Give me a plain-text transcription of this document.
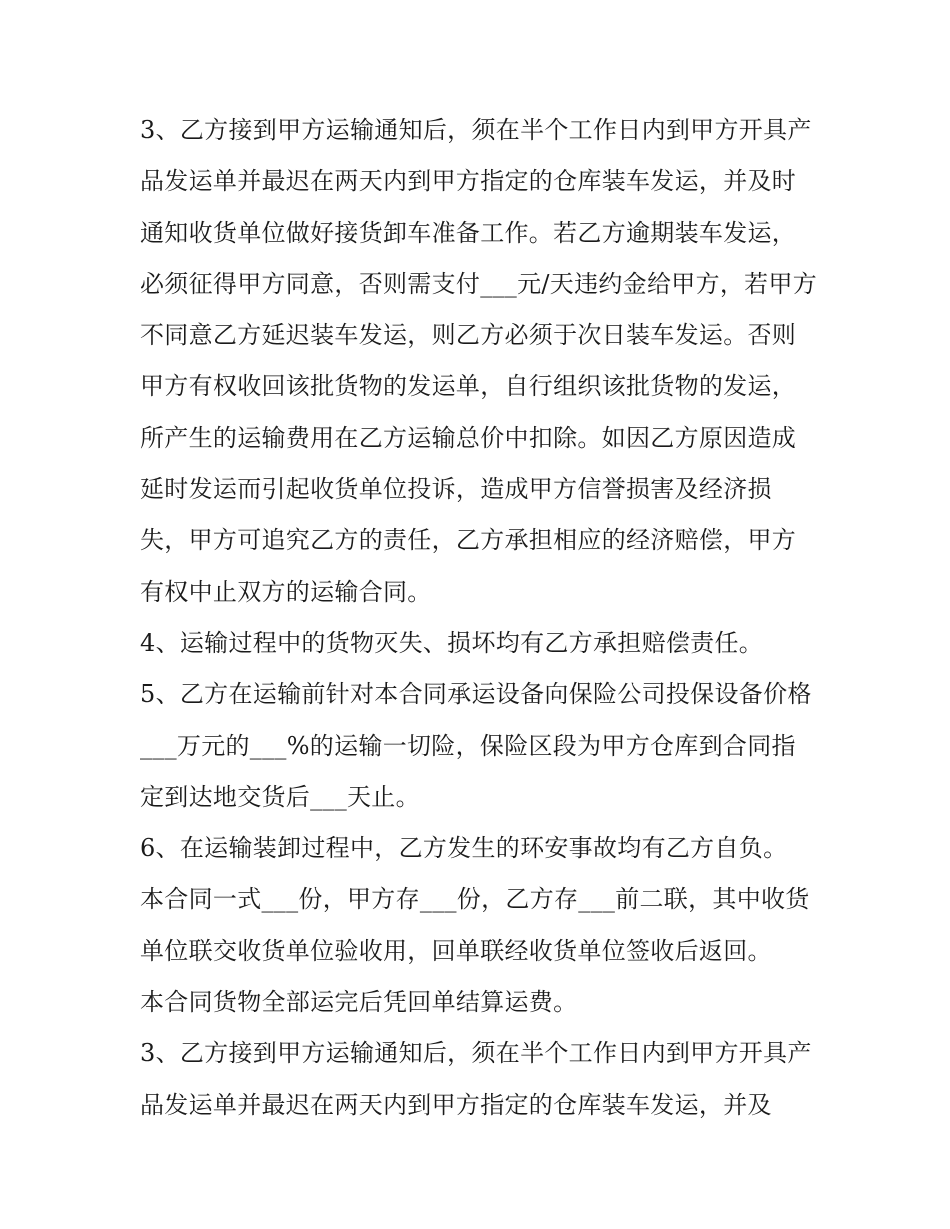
3、乙方接到甲方运输通知后，须在半个工作日内到甲方开具产品发运单并最迟在两天内到甲方指定的仓库装车发运，并及时通知收货单位做好接货卸车准备工作。若乙方逾期装车发运，必须征得甲方同意，否则需支付___元/天违约金给甲方，若甲方不同意乙方延迟装车发运，则乙方必须于次日装车发运。否则甲方有权收回该批货物的发运单，自行组织该批货物的发运，所产生的运输费用在乙方运输总价中扣除。如因乙方原因造成延时发运而引起收货单位投诉，造成甲方信誉损害及经济损失，甲方可追究乙方的责任，乙方承担相应的经济赔偿，甲方有权中止双方的运输合同。

4、运输过程中的货物灭失、损坏均有乙方承担赔偿责任。

5、乙方在运输前针对本合同承运设备向保险公司投保设备价格___万元的___%的运输一切险，保险区段为甲方仓库到合同指定到达地交货后___天止。

6、在运输装卸过程中，乙方发生的环安事故均有乙方自负。

本合同一式___份，甲方存___份，乙方存___前二联，其中收货单位联交收货单位验收用，回单联经收货单位签收后返回。

本合同货物全部运完后凭回单结算运费。

3、乙方接到甲方运输通知后，须在半个工作日内到甲方开具产品发运单并最迟在两天内到甲方指定的仓库装车发运，并及
